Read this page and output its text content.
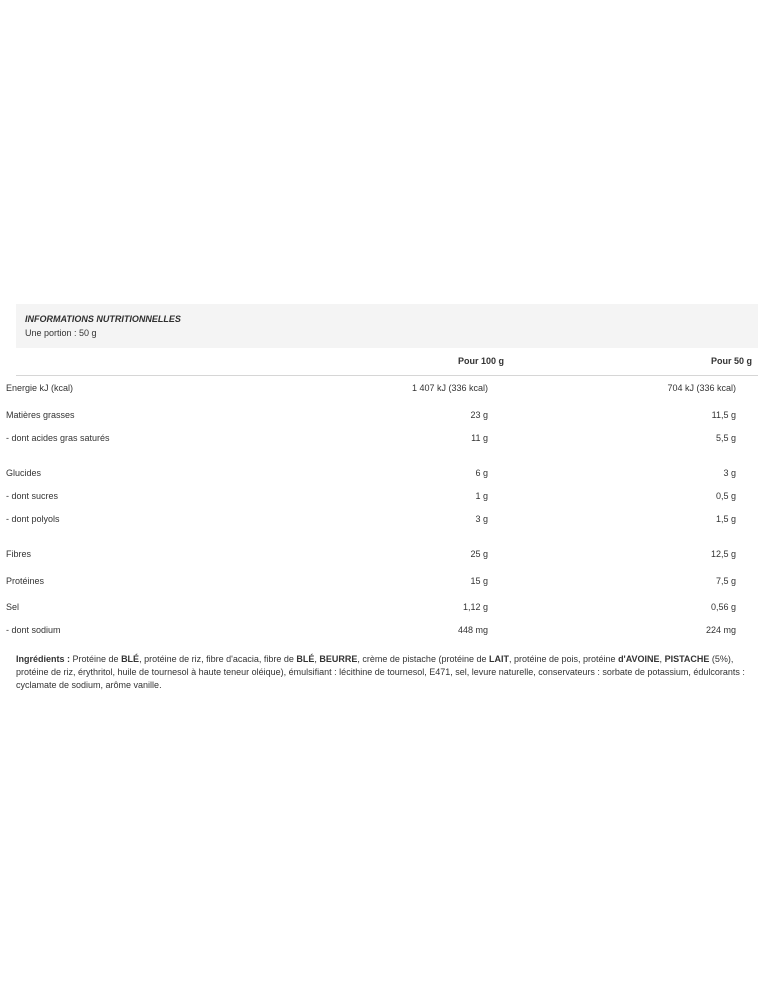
INFORMATIONS NUTRITIONNELLES
Une portion : 50 g
Pour 100 g	Pour 50 g
Energie kJ (kcal)	1 407 kJ (336 kcal)	704 kJ (336 kcal)
Matières grasses	23 g	11,5 g
- dont acides gras saturés	11 g	5,5 g
Glucides	6 g	3 g
- dont sucres	1 g	0,5 g
- dont polyols	3 g	1,5 g
Fibres	25 g	12,5 g
Protéines	15 g	7,5 g
Sel	1,12 g	0,56 g
- dont sodium	448 mg	224 mg
Ingrédients : Protéine de BLÉ, protéine de riz, fibre d'acacia, fibre de BLÉ, BEURRE, crème de pistache (protéine de LAIT, protéine de pois, protéine d'AVOINE, PISTACHE (5%), protéine de riz, érythritol, huile de tournesol à haute teneur oléique), émulsifiant : lécithine de tournesol, E471, sel, levure naturelle, conservateurs : sorbate de potassium, édulcorants : cyclamate de sodium, arôme vanille.
